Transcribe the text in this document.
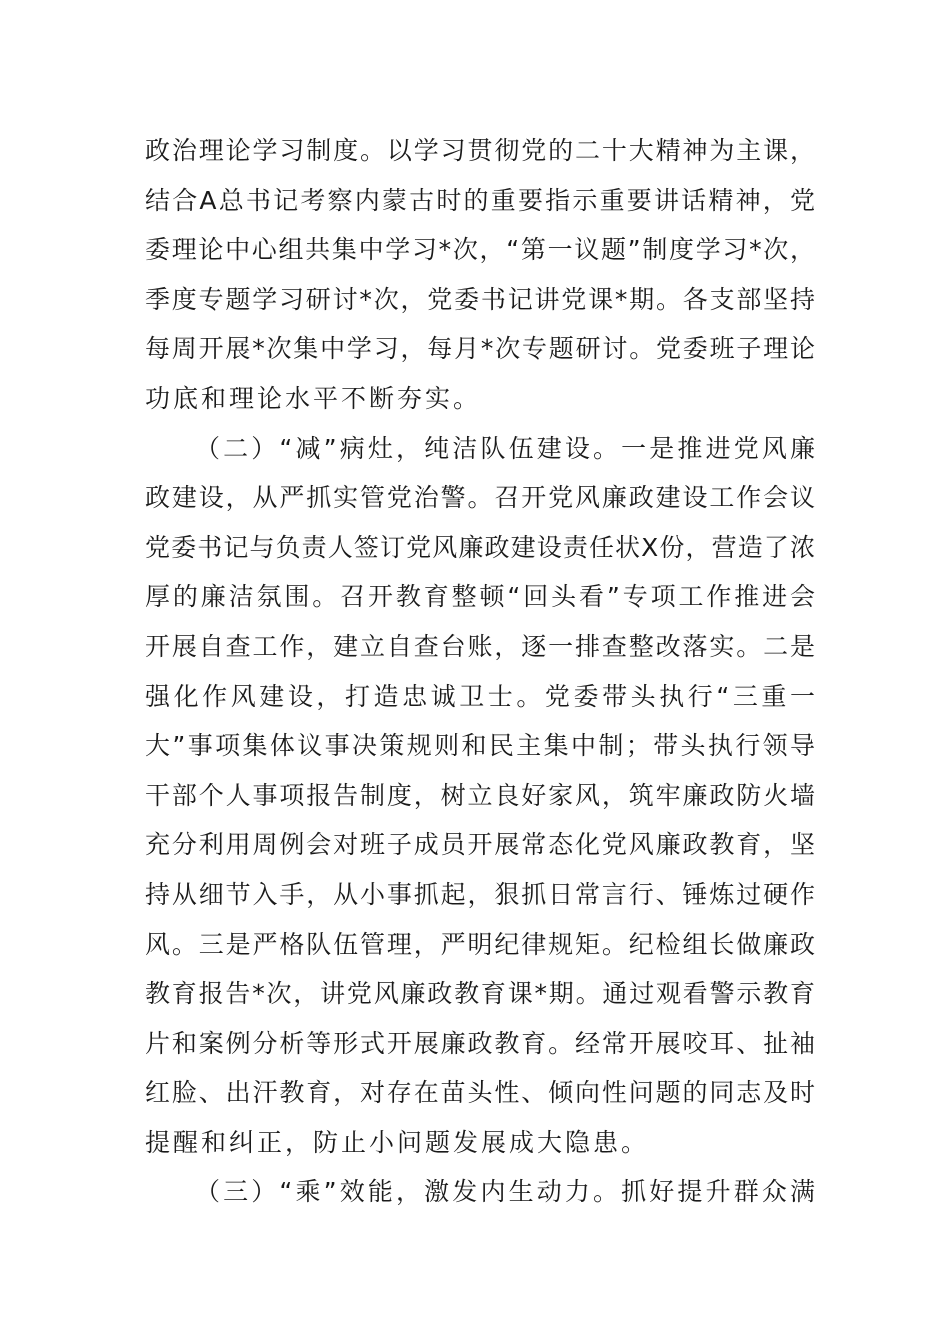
政治理论学习制度。以学习贯彻党的二十大精神为主课，
结合A总书记考察内蒙古时的重要指示重要讲话精神，党
委理论中心组共集中学习*次，“第一议题”制度学习*次，
季度专题学习研讨*次，党委书记讲党课*期。各支部坚持
每周开展*次集中学习，每月*次专题研讨。党委班子理论
功底和理论水平不断夯实。
（二）“减”病灶，纯洁队伍建设。一是推进党风廉
政建设，从严抓实管党治警。召开党风廉政建设工作会议
党委书记与负责人签订党风廉政建设责任状X份，营造了浓
厚的廉洁氛围。召开教育整顿“回头看”专项工作推进会
开展自查工作，建立自查台账，逐一排查整改落实。二是
强化作风建设，打造忠诚卫士。党委带头执行“三重一
大”事项集体议事决策规则和民主集中制；带头执行领导
干部个人事项报告制度，树立良好家风，筑牢廉政防火墙
充分利用周例会对班子成员开展常态化党风廉政教育，坚
持从细节入手，从小事抓起，狠抓日常言行、锤炼过硬作
风。三是严格队伍管理，严明纪律规矩。纪检组长做廉政
教育报告*次，讲党风廉政教育课*期。通过观看警示教育
片和案例分析等形式开展廉政教育。经常开展咬耳、扯袖
红脸、出汗教育，对存在苗头性、倾向性问题的同志及时
提醒和纠正，防止小问题发展成大隐患。
（三）“乘”效能，激发内生动力。抓好提升群众满
